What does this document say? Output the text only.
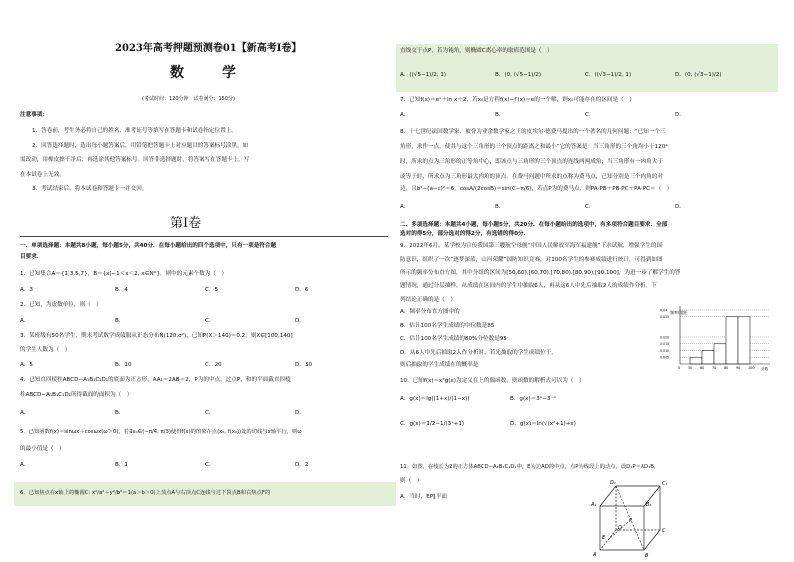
2023年高考押题预测卷01【新高考Ⅰ卷】
数　学
(考试时间：120分钟　试卷满分：150分)
注意事项：
1．答卷前，考生务必将自己的姓名、准考证号等填写在答题卡和试卷指定位置上。
2．回答选择题时，选出每小题答案后，用铅笔把答题卡上对应题目的答案标号涂黑。如
需改动，用橡皮擦干净后，再选涂其他答案标号。回答非选择题时，将答案写在答题卡上。写
在本试卷上无效。
3．考试结束后，将本试卷和答题卡一并交回。
第Ⅰ卷
一、单项选择题：本题共8小题，每小题5分，共40分．在每小题给出的四个选项中，只有一项是符合题
目要求．
1．已知集合A＝{1,3,5,7}，B＝{x|−1＜x＜2, x∈N*}，则中的元素个数为（　）
A．3	B．4	C．5	D．6
2．已知，为虚数单位，则（　）
A．	B．	C．	D．
3．某班级有50名学生，期末考试数学成绩服从正态分布N(120,σ²)，已知P(X＞140)＝0.2，则X∈[100,140]
的学生人数为（　）
A．5	B．10	C．20	D．30
4．已知直四棱柱ABCD−A₁B₁C₁D₁的底面为正方形，AA₁＝2AB＝2，P为的中点，过点P，和的平面截直四棱
柱ABCD−A₁B₁C₁D₁所得截面的面积为（　）
A．	B．	C．	D．
5．已知函数f(x)＝sinωx＋cosωx(ω＞0)，若∃x₀∈(−π/4, π/3)使得f(x)的图象在点(x₀, f(x₀))处的切线与x轴平行，则ω
的最小值是（　）
A．	B．1	C．	D．2
6．已知焦点在x轴上的椭圆C: x²/a²＋y²/b²＝1(a＞b＞0)上顶点A与右顶点C连线与过下顶点B和右焦点F的
直线交于点P，若为钝角，则椭圆C离心率的取值范围是（　）
A．((√5−1)/2, 1)	B．(0, (√5−1)/2)	C．((√3−1)/2, 1)	D．(0, (√3−1)/2)
7．已知f(x)＝eˣ＋ln x＋2，若x₀是方程f(x)−f′(x)＝e的一个解，则x₀可能存在的区间是（　）
A．	B．	C．	D．
8．十七世纪法国数学家、被誉为业余数学家之王的皮埃尔·德费马提出的一个著名的几何问题：“已知一个三
角形，求作一点，使其与这个三角形的三个顶点的距离之和最小”它的答案是：当三角形的三个角均小于120°
时，所求的点为三角形的正等角中心，即该点与三角形的三个顶点的连线两两成角；当三角形有一内角大于
或等于时，所求点为三角形最大内角的顶点．在费马问题中所求的点称为费马点，已知分别是三个内角的对
边，且b²−(a−c)²＝6，cosA/(2cosB)＝sin(C−π/6)，若点P为的费马点，则PA·PB＋PB·PC＋PA·PC＝（　）
A．	B．	C．	D．
二、多项选择题：本题共4小题，每小题5分，共20分．在每小题给出的选项中，有多项符合题目要求．全部
选对的得5分，部分选对的得2分，有选错的得0分．
9．2022年6月，某学校为宣传我国第三艘航空母舰“中国人民解放军海军福建舰”下水试航，增强学生的国
防意识，组织了一次“逐梦深蓝，山河荣耀”国防知识竞赛，对100名学生的参赛成绩进行统计，可得到如图
所示的频率分布直方图，其中分组的区间为[50,60),[60,70),[70,80),[80,90),[90,100]，为进一步了解学生的答
题情况，通过分层抽样，从成绩在区间内的学生中抽取6人，再从这6人中先后抽取2人的成绩作分析，下
列结论正确的是（　）
A．频率分布直方图中的
B．估计100名学生成绩的中位数是85
C．估计100名学生成绩的80%分位数是95
D．从6人中先后抽取2人作分析时，若先抽取的学生成绩位于，
则后抽取的学生成绩在的概率是
频率/组距
0.04
0.035
0.020
0.015
0.010
0.005
0 50 60 70 80 90 100 分数
10．已知f(x)＝x²g(x)为定义在上的偶函数，则函数的解析式可以为（　）
A．g(x)＝lg((1+x)/(1−x))	B．g(x)＝3ˣ−3⁻ˣ
C．g(x)＝1/2−1/(3ˣ+1)	D．g(x)＝ln(√(x²+1)+x)
11．如图，在棱长为2的正方体ABCD−A₁B₁C₁D₁中，E为边AD的中点，点P为线段上的动点，设D₁P＝λD₁B，
则（　）
A．当时，EP∥平面
D₁	C₁
A₁	B₁
D	C
A	B
E
P
